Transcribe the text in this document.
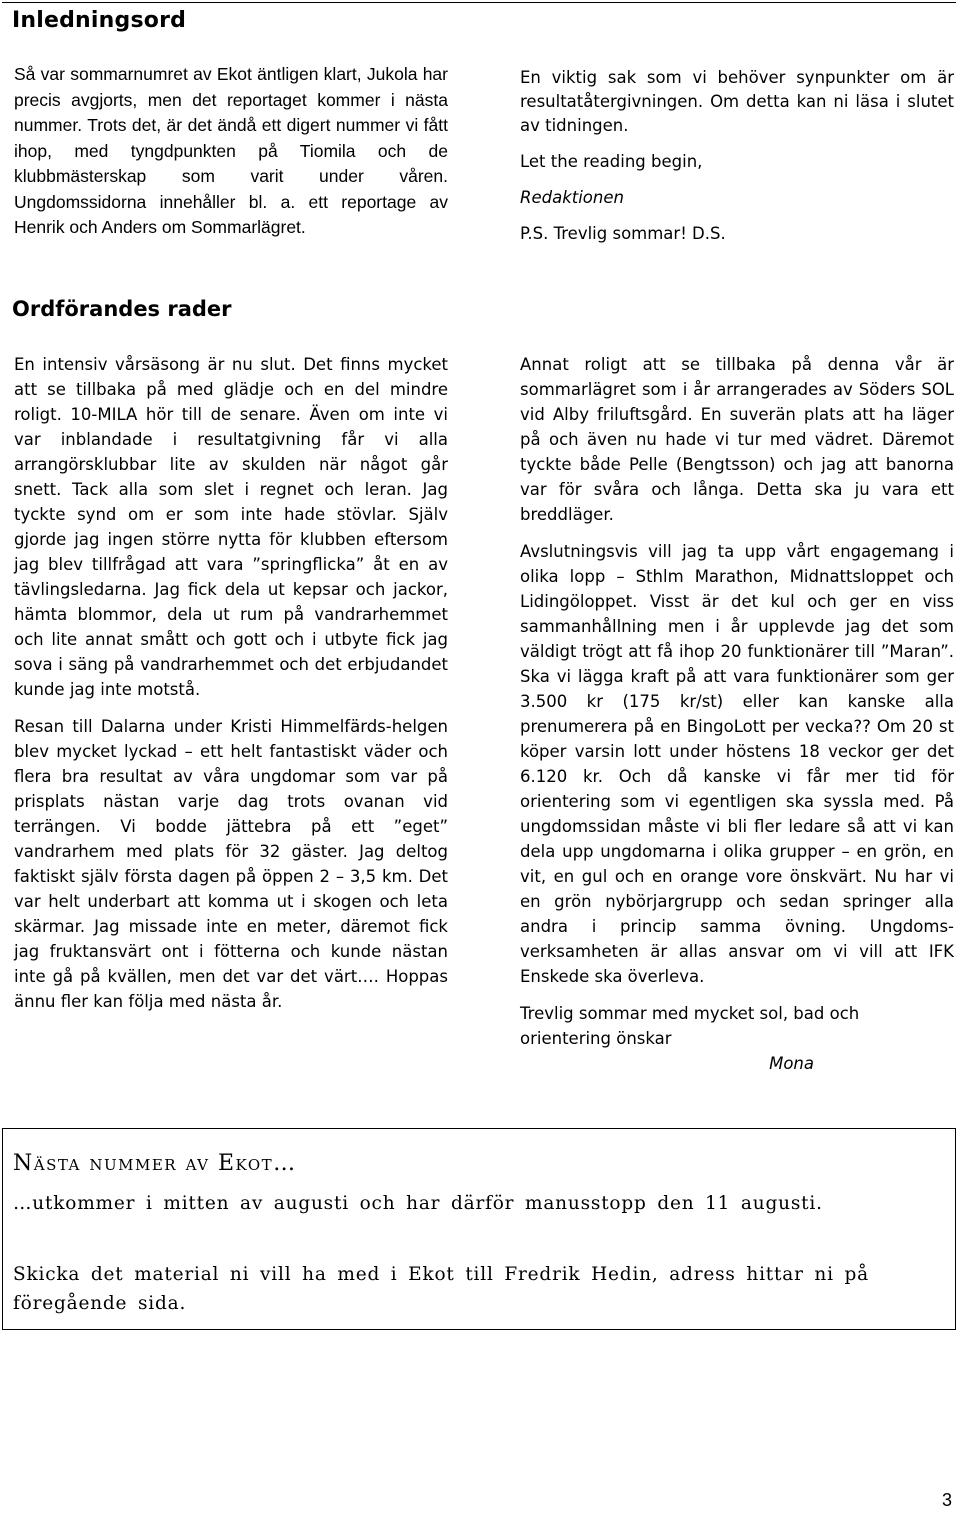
Inledningsord

Så var sommarnumret av Ekot äntligen klart, Jukola har precis avgjorts, men det reportaget kommer i nästa nummer. Trots det, är det ändå ett digert nummer vi fått ihop, med tyngdpunkten på Tiomila och de klubbmästerskap som varit under våren. Ungdomssidorna innehåller bl. a. ett reportage av Henrik och Anders om Sommarlägret.

En viktig sak som vi behöver synpunkter om är resultatåtergivningen. Om detta kan ni läsa i slutet av tidningen.

Let the reading begin,

Redaktionen

P.S. Trevlig sommar! D.S.

Ordförandes rader

En intensiv vårsäsong är nu slut. Det finns mycket att se tillbaka på med glädje och en del mindre roligt. 10-MILA hör till de senare. Även om inte vi var inblandade i resultatgivning får vi alla arrangörsklubbar lite av skulden när något går snett. Tack alla som slet i regnet och leran. Jag tyckte synd om er som inte hade stövlar. Själv gjorde jag ingen större nytta för klubben eftersom jag blev tillfrågad att vara ”springflicka” åt en av tävlingsledarna. Jag fick dela ut kepsar och jackor, hämta blommor, dela ut rum på vandrarhemmet och lite annat smått och gott och i utbyte fick jag sova i säng på vandrarhemmet och det erbjudandet kunde jag inte motstå.

Resan till Dalarna under Kristi Himmelfärds-helgen blev mycket lyckad – ett helt fantastiskt väder och flera bra resultat av våra ungdomar som var på prisplats nästan varje dag trots ovanan vid terrängen. Vi bodde jättebra på ett ”eget” vandrarhem med plats för 32 gäster. Jag deltog faktiskt själv första dagen på öppen 2 – 3,5 km. Det var helt underbart att komma ut i skogen och leta skärmar. Jag missade inte en meter, däremot fick jag fruktansvärt ont i fötterna och kunde nästan inte gå på kvällen, men det var det värt…. Hoppas ännu fler kan följa med nästa år.

Annat roligt att se tillbaka på denna vår är sommarlägret som i år arrangerades av Söders SOL vid Alby friluftsgård. En suverän plats att ha läger på och även nu hade vi tur med vädret. Däremot tyckte både Pelle (Bengtsson) och jag att banorna var för svåra och långa. Detta ska ju vara ett breddläger.

Avslutningsvis vill jag ta upp vårt engagemang i olika lopp – Sthlm Marathon, Midnattsloppet och Lidingöloppet. Visst är det kul och ger en viss sammanhållning men i år upplevde jag det som väldigt trögt att få ihop 20 funktionärer till ”Maran”. Ska vi lägga kraft på att vara funktionärer som ger 3.500 kr (175 kr/st) eller kan kanske alla prenumerera på en BingoLott per vecka?? Om 20 st köper varsin lott under höstens 18 veckor ger det 6.120 kr. Och då kanske vi får mer tid för orientering som vi egentligen ska syssla med. På ungdomssidan måste vi bli fler ledare så att vi kan dela upp ungdomarna i olika grupper – en grön, en vit, en gul och en orange vore önskvärt. Nu har vi en grön nybörjargrupp och sedan springer alla andra i princip samma övning. Ungdoms-verksamheten är allas ansvar om vi vill att IFK Enskede ska överleva.

Trevlig sommar med mycket sol, bad och orientering önskar

Mona

Nästa nummer av Ekot…
…utkommer i mitten av augusti och har därför manusstopp den 11 augusti.
Skicka det material ni vill ha med i Ekot till Fredrik Hedin, adress hittar ni på föregående sida.
3
